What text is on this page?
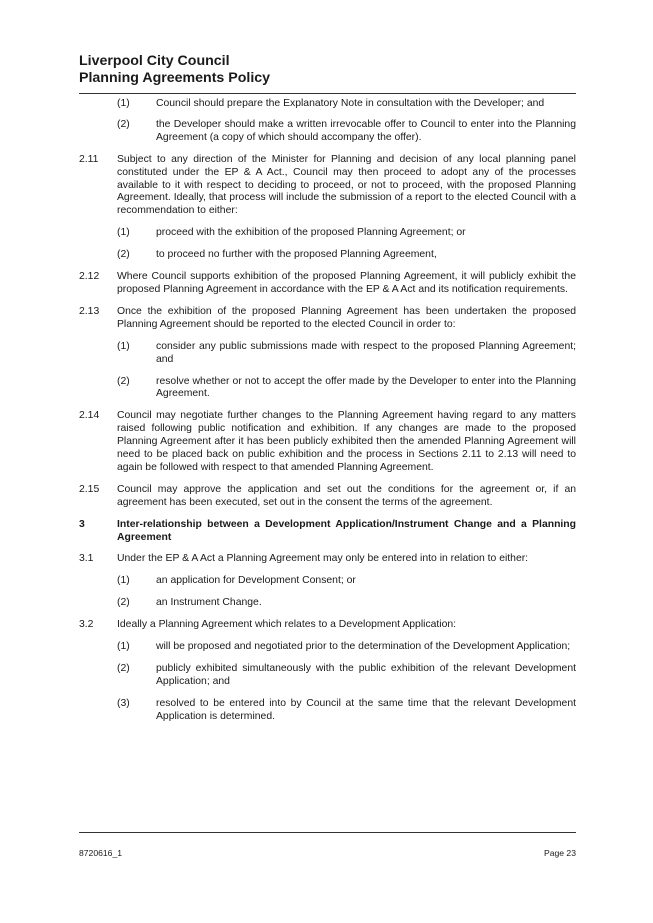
Liverpool City Council
Planning Agreements Policy
(1)	Council should prepare the Explanatory Note in consultation with the Developer; and
(2)	the Developer should make a written irrevocable offer to Council to enter into the Planning Agreement (a copy of which should accompany the offer).
2.11	Subject to any direction of the Minister for Planning and decision of any local planning panel constituted under the EP & A Act., Council may then proceed to adopt any of the processes available to it with respect to deciding to proceed, or not to proceed, with the proposed Planning Agreement. Ideally, that process will include the submission of a report to the elected Council with a recommendation to either:
(1)	proceed with the exhibition of the proposed Planning Agreement; or
(2)	to proceed no further with the proposed Planning Agreement,
2.12	Where Council supports exhibition of the proposed Planning Agreement, it will publicly exhibit the proposed Planning Agreement in accordance with the EP & A Act and its notification requirements.
2.13	Once the exhibition of the proposed Planning Agreement has been undertaken the proposed Planning Agreement should be reported to the elected Council in order to:
(1)	consider any public submissions made with respect to the proposed Planning Agreement; and
(2)	resolve whether or not to accept the offer made by the Developer to enter into the Planning Agreement.
2.14	Council may negotiate further changes to the Planning Agreement having regard to any matters raised following public notification and exhibition. If any changes are made to the proposed Planning Agreement after it has been publicly exhibited then the amended Planning Agreement will need to be placed back on public exhibition and the process in Sections 2.11 to 2.13 will need to again be followed with respect to that amended Planning Agreement.
2.15	Council may approve the application and set out the conditions for the agreement or, if an agreement has been executed, set out in the consent the terms of the agreement.
3	Inter-relationship between a Development Application/Instrument Change and a Planning Agreement
3.1	Under the EP & A Act a Planning Agreement may only be entered into in relation to either:
(1)	an application for Development Consent; or
(2)	an Instrument Change.
3.2	Ideally a Planning Agreement which relates to a Development Application:
(1)	will be proposed and negotiated prior to the determination of the Development Application;
(2)	publicly exhibited simultaneously with the public exhibition of the relevant Development Application; and
(3)	resolved to be entered into by Council at the same time that the relevant Development Application is determined.
8720616_1	Page 23
